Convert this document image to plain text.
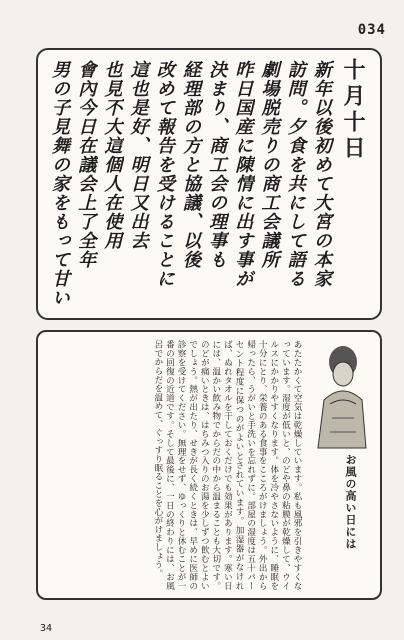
034
十月十日
新年以後初めて大宮の本家
訪問。夕食を共にして語る
劇場脱売りの商工会議所
昨日国産に陳情に出す事が
決まり、商工会の理事も
経理部の方と協議、以後
改めて報告を受けることに
這也是好、明日又出去
也見不大這個人在使用
會內今日在議会上了全年
男の子見舞の家をもって甘い
お風の高い日には
あたたかくて空気は乾燥しています。私も風邪を引きやすくなっています。湿度が低いと、のどや鼻の粘膜が乾燥して、ウイルスにかかりやすくなります。体を冷やさないように、睡眠を十分にとり、栄養のある食事をこころがけましょう。外出から帰ったら、うがいと手洗いを忘れずに。部屋の湿度は五十パーセント程度に保つのがよいとされています。加湿器がなければ、ぬれタオルを干しておくだけでも効果があります。寒い日には、温かい飲み物でからだの中から温まることも大切です。のどが痛いときは、はちみつ入りのお湯を少しずつ飲むとよいでしょう。熱が出たり、せきが長く続くときは、早めに医師の診察を受けてください。無理をせず、ゆっくりと休むことが一番の回復の近道です。そして最後に、一日の終わりには、お風呂でからだを温めて、ぐっすり眠ることを心がけましょう。
34
